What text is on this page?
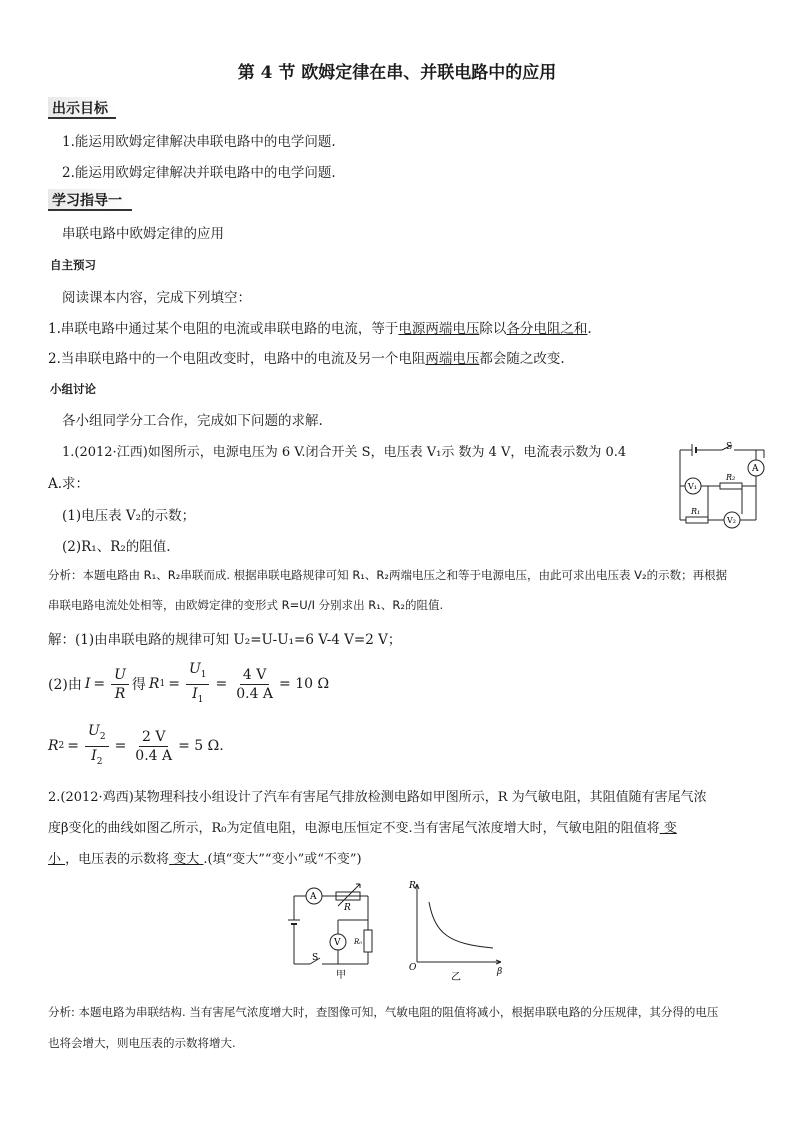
第 4 节 欧姆定律在串、并联电路中的应用
出示目标
1.能运用欧姆定律解决串联电路中的电学问题.
2.能运用欧姆定律解决并联电路中的电学问题.
学习指导一
串联电路中欧姆定律的应用
自主预习
阅读课本内容，完成下列填空：
1.串联电路中通过某个电阻的电流或串联电路的电流，等于电源两端电压除以各分电阻之和.
2.当串联电路中的一个电阻改变时，电路中的电流及另一个电阻两端电压都会随之改变.
小组讨论
各小组同学分工合作，完成如下问题的求解.
1.(2012·江西)如图所示，电源电压为 6 V.闭合开关 S，电压表 V₁示 数为 4 V，电流表示数为 0.4
A.求：
(1)电压表 V₂的示数；
(2)R₁、R₂的阻值.
S
A
R₂
V₁
R₁
V₂
分析：本题电路由 R₁、R₂串联而成. 根据串联电路规律可知 R₁、R₂两端电压之和等于电源电压，由此可求出电压表 V₂的示数；再根据
串联电路电流处处相等，由欧姆定律的变形式 R=U/I 分别求出 R₁、R₂的阻值.
解：(1)由串联电路的规律可知 U₂=U-U₁=6 V-4 V=2 V；
(2)由 $I = \frac{U}{R}$ 得 R $1 = \frac{U_1}{I_1} = \frac{4 V}{0.4 A} = 10$ Ω
R $2 = \frac{U_2}{I_2} = \frac{2 V}{0.4 A} = 5$ Ω.
2.(2012·鸡西)某物理科技小组设计了汽车有害尾气排放检测电路如甲图所示，R 为气敏电阻，其阻值随有害尾气浓
度β变化的曲线如图乙所示，R₀为定值电阻，电源电压恒定不变.当有害尾气浓度增大时，气敏电阻的阻值将 变
小 ，电压表的示数将 变大 .(填“变大”“变小”或“不变”)
A
R
V R₀
S
甲
R
O	β
乙
分析: 本题电路为串联结构. 当有害尾气浓度增大时，查图像可知，气敏电阻的阻值将减小，根据串联电路的分压规律，其分得的电压
也将会增大，则电压表的示数将增大.
